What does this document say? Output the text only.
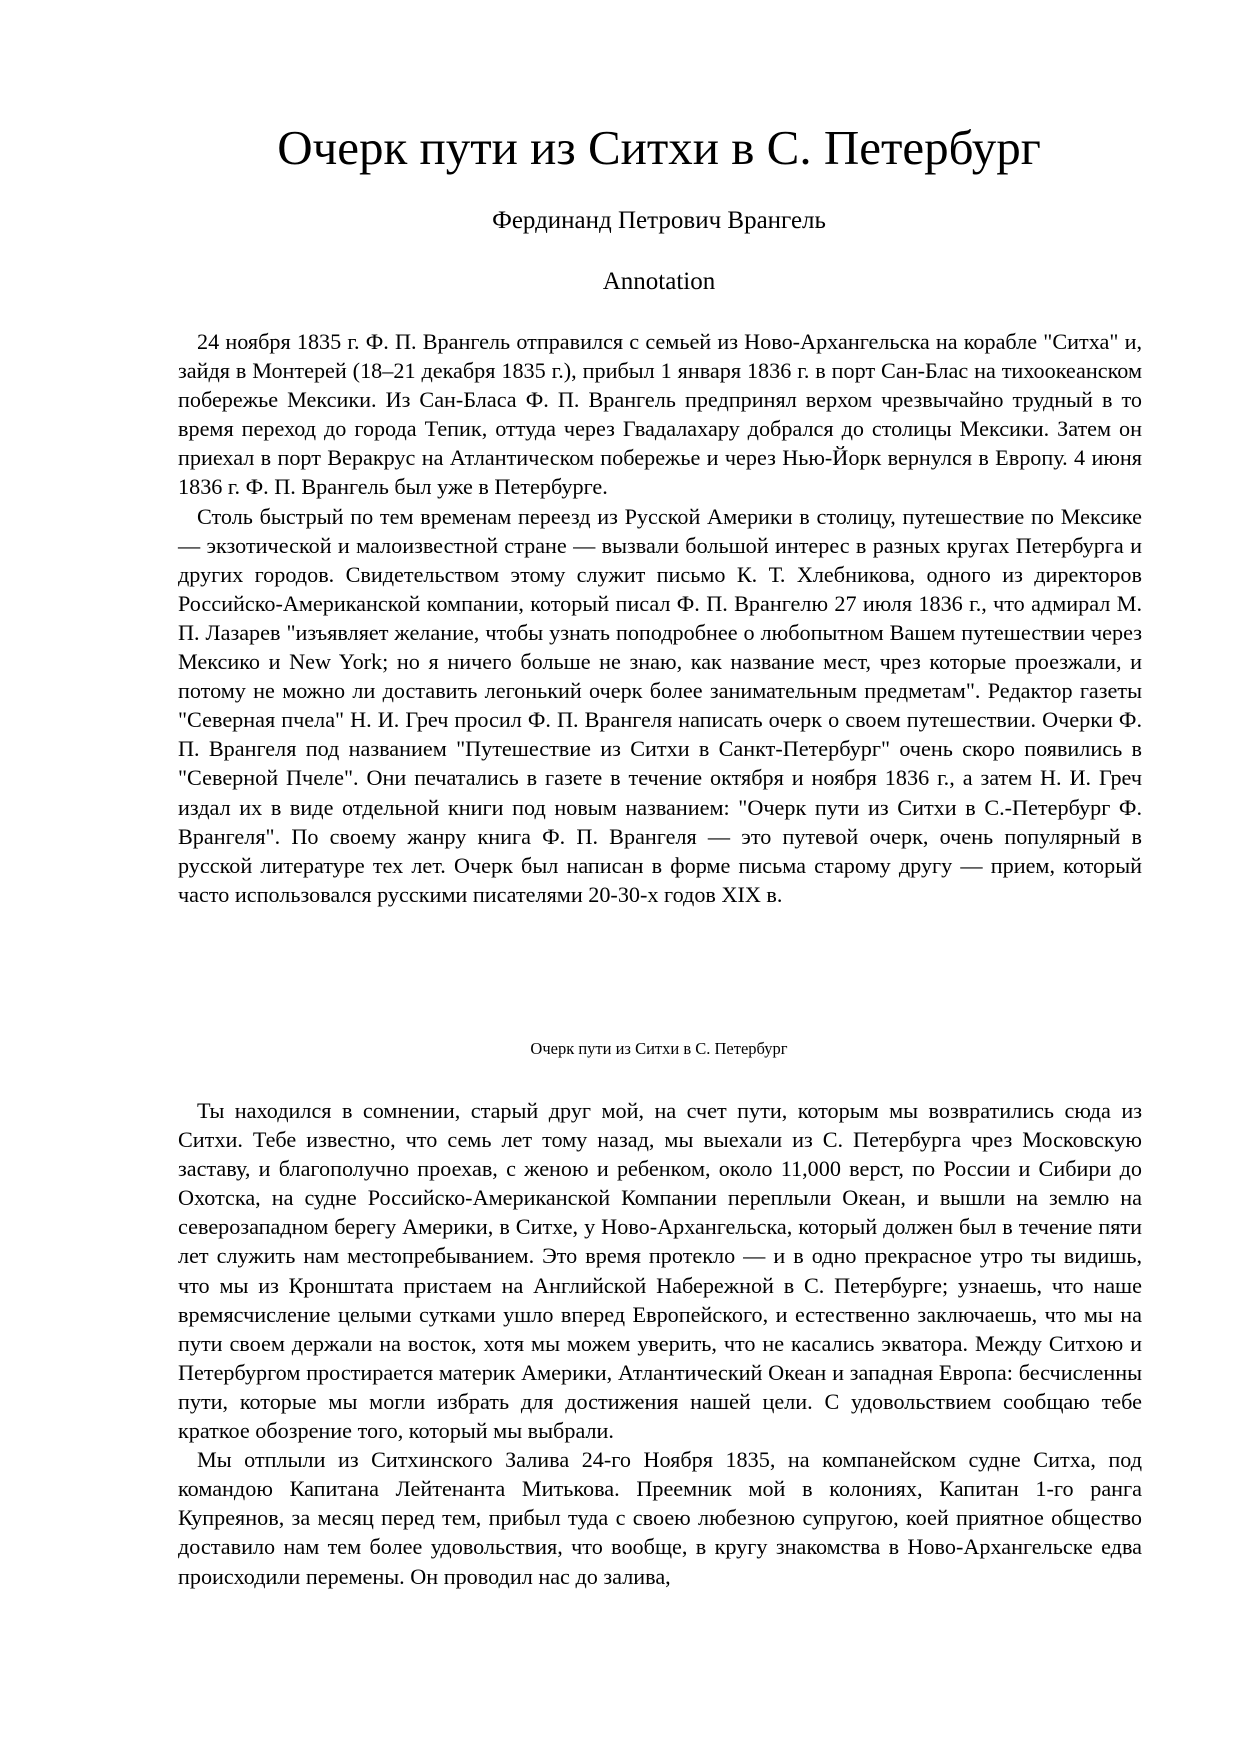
Очерк пути из Ситхи в С. Петербург
Фердинанд Петрович Врангель
Annotation

24 ноября 1835 г. Ф. П. Врангель отправился с семьей из Ново-Архангельска на корабле "Ситха" и, зайдя в Монтерей (18–21 декабря 1835 г.), прибыл 1 января 1836 г. в порт Сан-Блас на тихоокеанском побережье Мексики. Из Сан-Бласа Ф. П. Врангель предпринял верхом чрезвычайно трудный в то время переход до города Тепик, оттуда через Гвадалахару добрался до столицы Мексики. Затем он приехал в порт Веракрус на Атлантическом побережье и через Нью-Йорк вернулся в Европу. 4 июня 1836 г. Ф. П. Врангель был уже в Петербурге.

Столь быстрый по тем временам переезд из Русской Америки в столицу, путешествие по Мексике — экзотической и малоизвестной стране — вызвали большой интерес в разных кругах Петербурга и других городов. Свидетельством этому служит письмо К. Т. Хлебникова, одного из директоров Российско-Американской компании, который писал Ф. П. Врангелю 27 июля 1836 г., что адмирал М. П. Лазарев "изъявляет желание, чтобы узнать поподробнее о любопытном Вашем путешествии через Мексико и New York; но я ничего больше не знаю, как название мест, чрез которые проезжали, и потому не можно ли доставить легонький очерк более занимательным предметам". Редактор газеты "Северная пчела" Н. И. Греч просил Ф. П. Врангеля написать очерк о своем путешествии. Очерки Ф. П. Врангеля под названием "Путешествие из Ситхи в Санкт-Петербург" очень скоро появились в "Северной Пчеле". Они печатались в газете в течение октября и ноября 1836 г., а затем Н. И. Греч издал их в виде отдельной книги под новым названием: "Очерк пути из Ситхи в С.-Петербург Ф. Врангеля". По своему жанру книга Ф. П. Врангеля — это путевой очерк, очень популярный в русской литературе тех лет. Очерк был написан в форме письма старому другу — прием, который часто использовался русскими писателями 20-30-х годов XIX в.

Очерк пути из Ситхи в С. Петербург

Ты находился в сомнении, старый друг мой, на счет пути, которым мы возвратились сюда из Ситхи. Тебе известно, что семь лет тому назад, мы выехали из С. Петербурга чрез Московскую заставу, и благополучно проехав, с женою и ребенком, около 11,000 верст, по России и Сибири до Охотска, на судне Российско-Американской Компании переплыли Океан, и вышли на землю на северозападном берегу Америки, в Ситхе, у Ново-Архангельска, который должен был в течение пяти лет служить нам местопребыванием. Это время протекло — и в одно прекрасное утро ты видишь, что мы из Кронштата пристаем на Английской Набережной в С. Петербурге; узнаешь, что наше времясчисление целыми сутками ушло вперед Европейского, и естественно заключаешь, что мы на пути своем держали на восток, хотя мы можем уверить, что не касались экватора. Между Ситхою и Петербургом простирается материк Америки, Атлантический Океан и западная Европа: бесчисленны пути, которые мы могли избрать для достижения нашей цели. С удовольствием сообщаю тебе краткое обозрение того, который мы выбрали.

Мы отплыли из Ситхинского Залива 24-го Ноября 1835, на компанейском судне Ситха, под командою Капитана Лейтенанта Митькова. Преемник мой в колониях, Капитан 1-го ранга Купреянов, за месяц перед тем, прибыл туда с своею любезною супругою, коей приятное общество доставило нам тем более удовольствия, что вообще, в кругу знакомства в Ново-Архангельске едва происходили перемены. Он проводил нас до залива,
